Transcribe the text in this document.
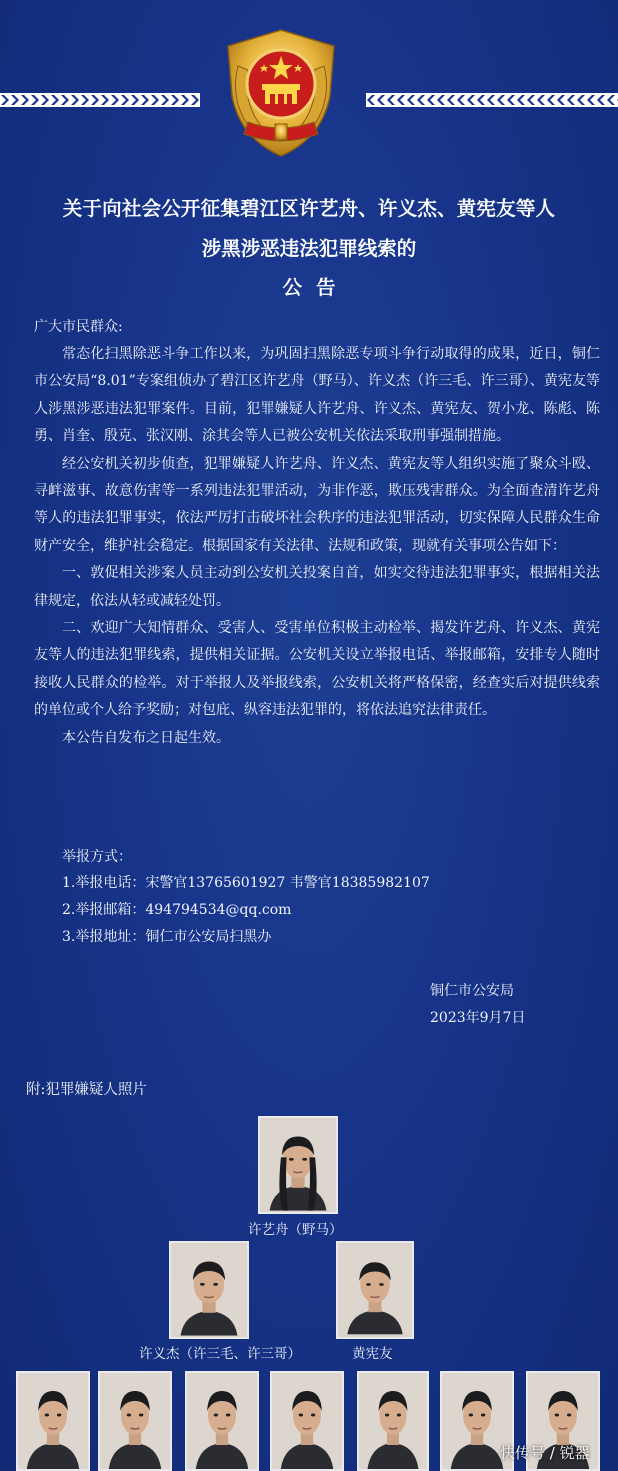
关于向社会公开征集碧江区许艺舟、许义杰、黄宪友等人
涉黑涉恶违法犯罪线索的
公告
广大市民群众:

常态化扫黑除恶斗争工作以来，为巩固扫黑除恶专项斗争行动取得的成果，近日，铜仁市公安局“8.01”专案组侦办了碧江区许艺舟（野马）、许义杰（许三毛、许三哥）、黄宪友等人涉黑涉恶违法犯罪案件。目前，犯罪嫌疑人许艺舟、许义杰、黄宪友、贺小龙、陈彪、陈勇、肖奎、殷克、张汉刚、涂其会等人已被公安机关依法采取刑事强制措施。

经公安机关初步侦查，犯罪嫌疑人许艺舟、许义杰、黄宪友等人组织实施了聚众斗殴、寻衅滋事、故意伤害等一系列违法犯罪活动，为非作恶，欺压残害群众。为全面查清许艺舟等人的违法犯罪事实，依法严厉打击破坏社会秩序的违法犯罪活动，切实保障人民群众生命财产安全，维护社会稳定。根据国家有关法律、法规和政策，现就有关事项公告如下：

一、敦促相关涉案人员主动到公安机关投案自首，如实交待违法犯罪事实，根据相关法律规定，依法从轻或减轻处罚。

二、欢迎广大知情群众、受害人、受害单位积极主动检举、揭发许艺舟、许义杰、黄宪友等人的违法犯罪线索，提供相关证据。公安机关设立举报电话、举报邮箱，安排专人随时接收人民群众的检举。对于举报人及举报线索，公安机关将严格保密，经查实后对提供线索的单位或个人给予奖励；对包庇、纵容违法犯罪的，将依法追究法律责任。

本公告自发布之日起生效。

举报方式：
1.举报电话：宋警官13765601927 韦警官18385982107
2.举报邮箱：494794534@qq.com
3.举报地址：铜仁市公安局扫黑办
铜仁市公安局
2023年9月7日
附:犯罪嫌疑人照片
许艺舟（野马）
许义杰（许三毛、许三哥）	黄宪友
快传号 / 锐器
